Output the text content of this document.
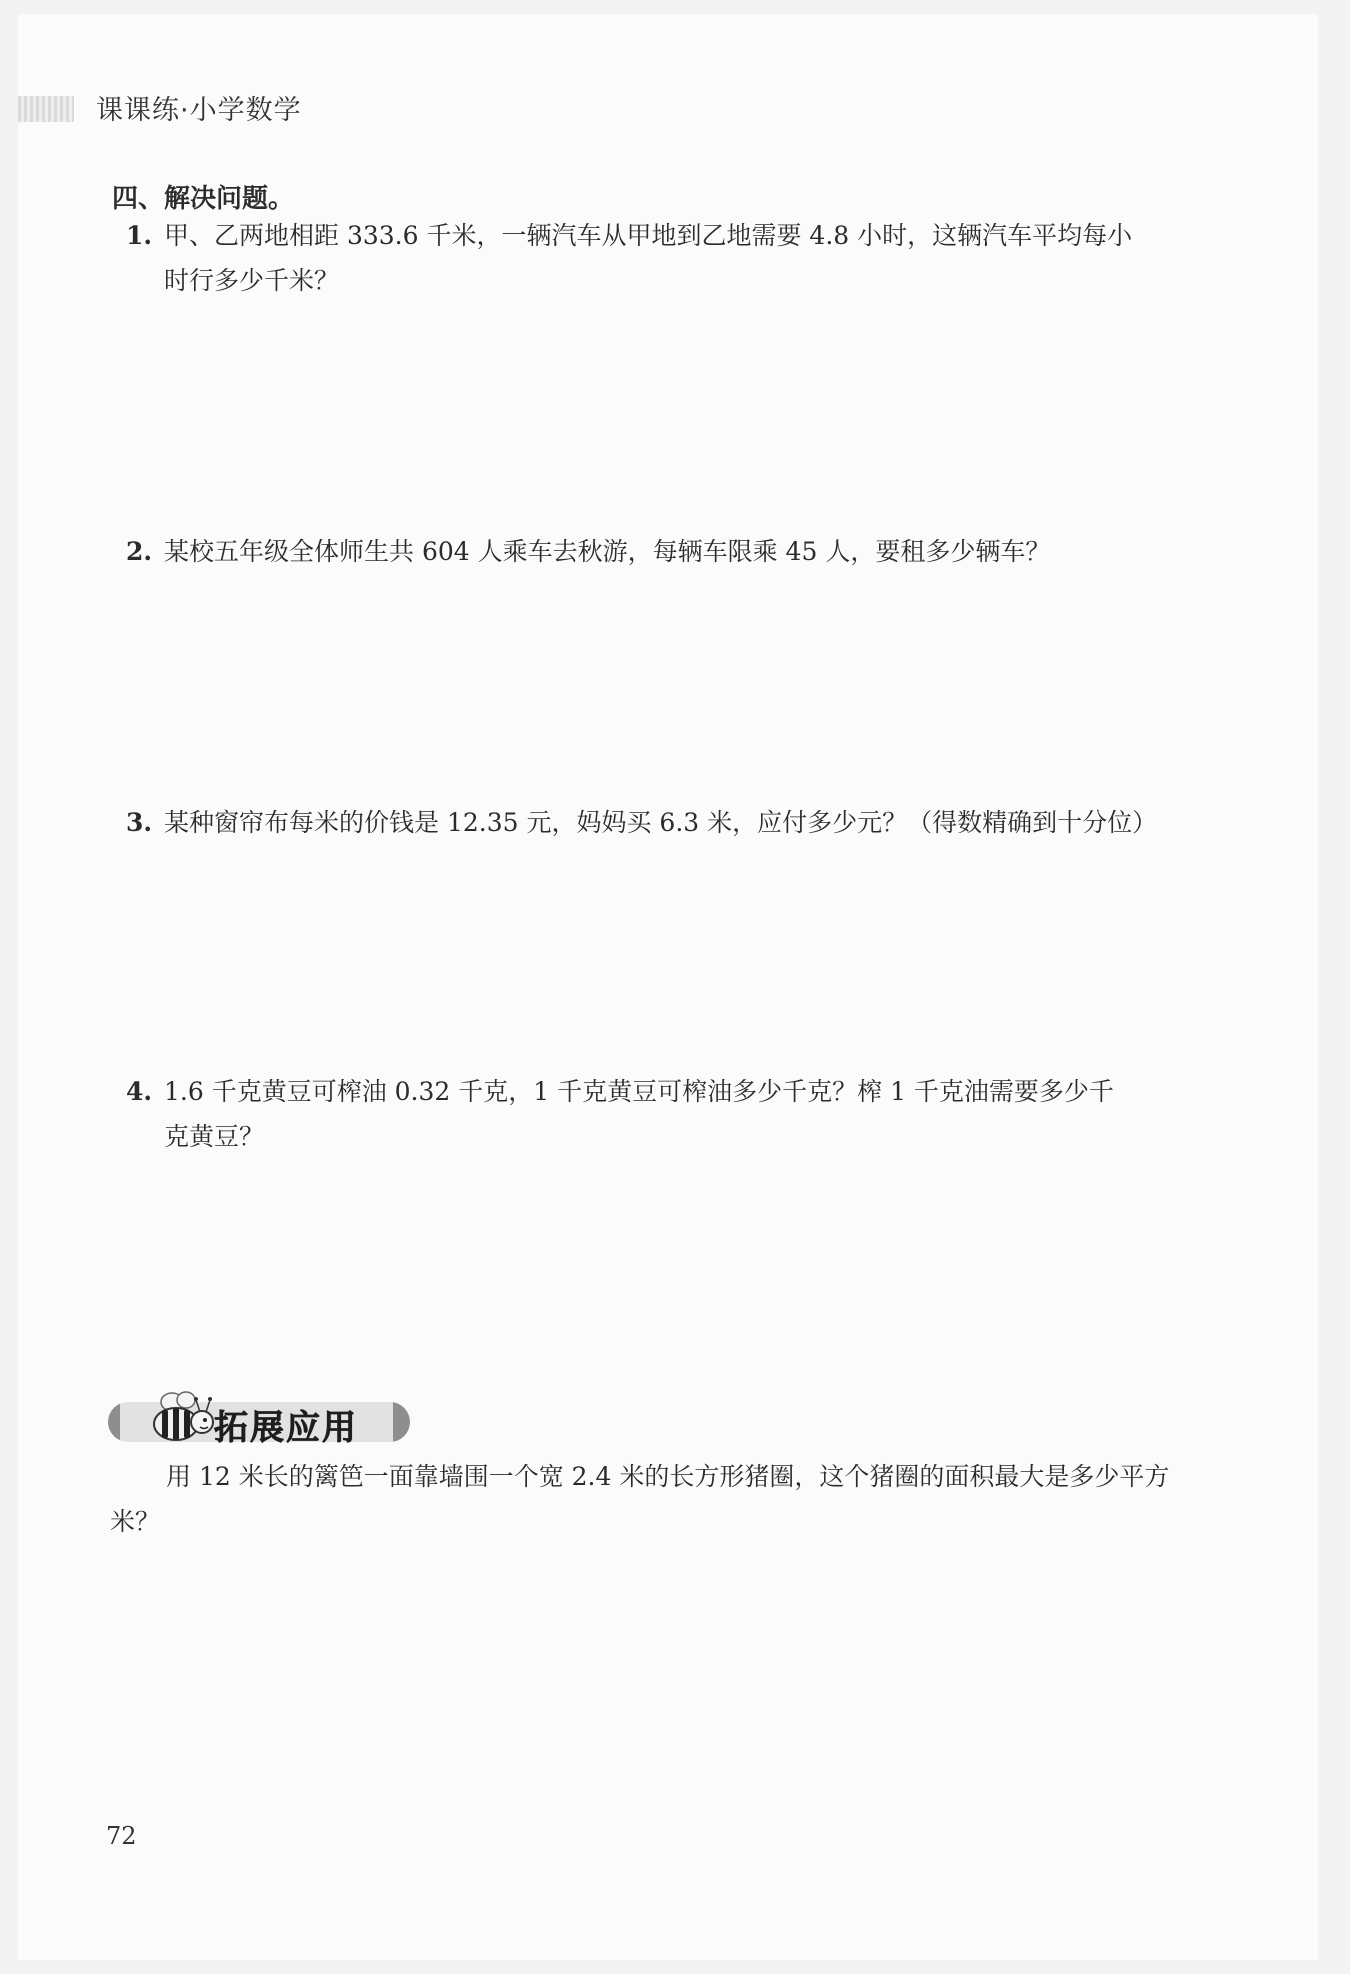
课课练·小学数学
四、解决问题。
1. 甲、乙两地相距 333.6 千米，一辆汽车从甲地到乙地需要 4.8 小时，这辆汽车平均每小
时行多少千米？
2. 某校五年级全体师生共 604 人乘车去秋游，每辆车限乘 45 人，要租多少辆车？
3. 某种窗帘布每米的价钱是 12.35 元，妈妈买 6.3 米，应付多少元？（得数精确到十分位）
4. 1.6 千克黄豆可榨油 0.32 千克，1 千克黄豆可榨油多少千克？榨 1 千克油需要多少千
克黄豆？
拓展应用
用 12 米长的篱笆一面靠墙围一个宽 2.4 米的长方形猪圈，这个猪圈的面积最大是多少平方米？
72
